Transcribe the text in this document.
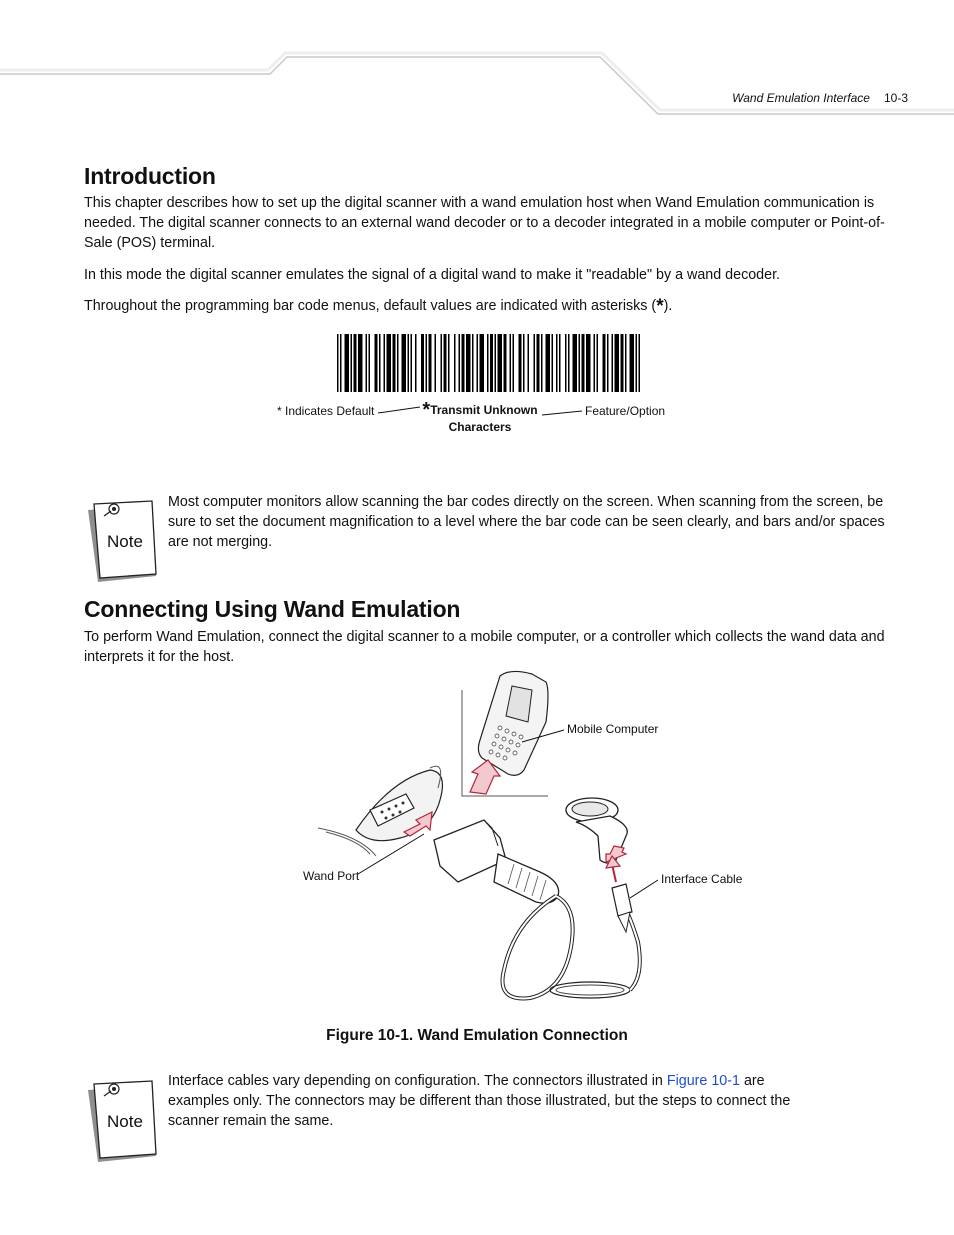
Wand Emulation Interface 10-3
Introduction

This chapter describes how to set up the digital scanner with a wand emulation host when Wand Emulation communication is needed. The digital scanner connects to an external wand decoder or to a decoder integrated in a mobile computer or Point-of-Sale (POS) terminal.

In this mode the digital scanner emulates the signal of a digital wand to make it "readable" by a wand decoder.

Throughout the programming bar code menus, default values are indicated with asterisks (*).

* Indicates Default *Transmit Unknown
Characters
Feature/Option
Note

Most computer monitors allow scanning the bar codes directly on the screen. When scanning from the screen, be sure to set the document magnification to a level where the bar code can be seen clearly, and bars and/or spaces are not merging.

Connecting Using Wand Emulation

To perform Wand Emulation, connect the digital scanner to a mobile computer, or a controller which collects the wand data and interprets it for the host.

Mobile Computer
Wand Port	Interface Cable
Figure 10-1. Wand Emulation Connection
Note

Interface cables vary depending on configuration. The connectors illustrated in Figure 10-1 are examples only. The connectors may be different than those illustrated, but the steps to connect the scanner remain the same.
